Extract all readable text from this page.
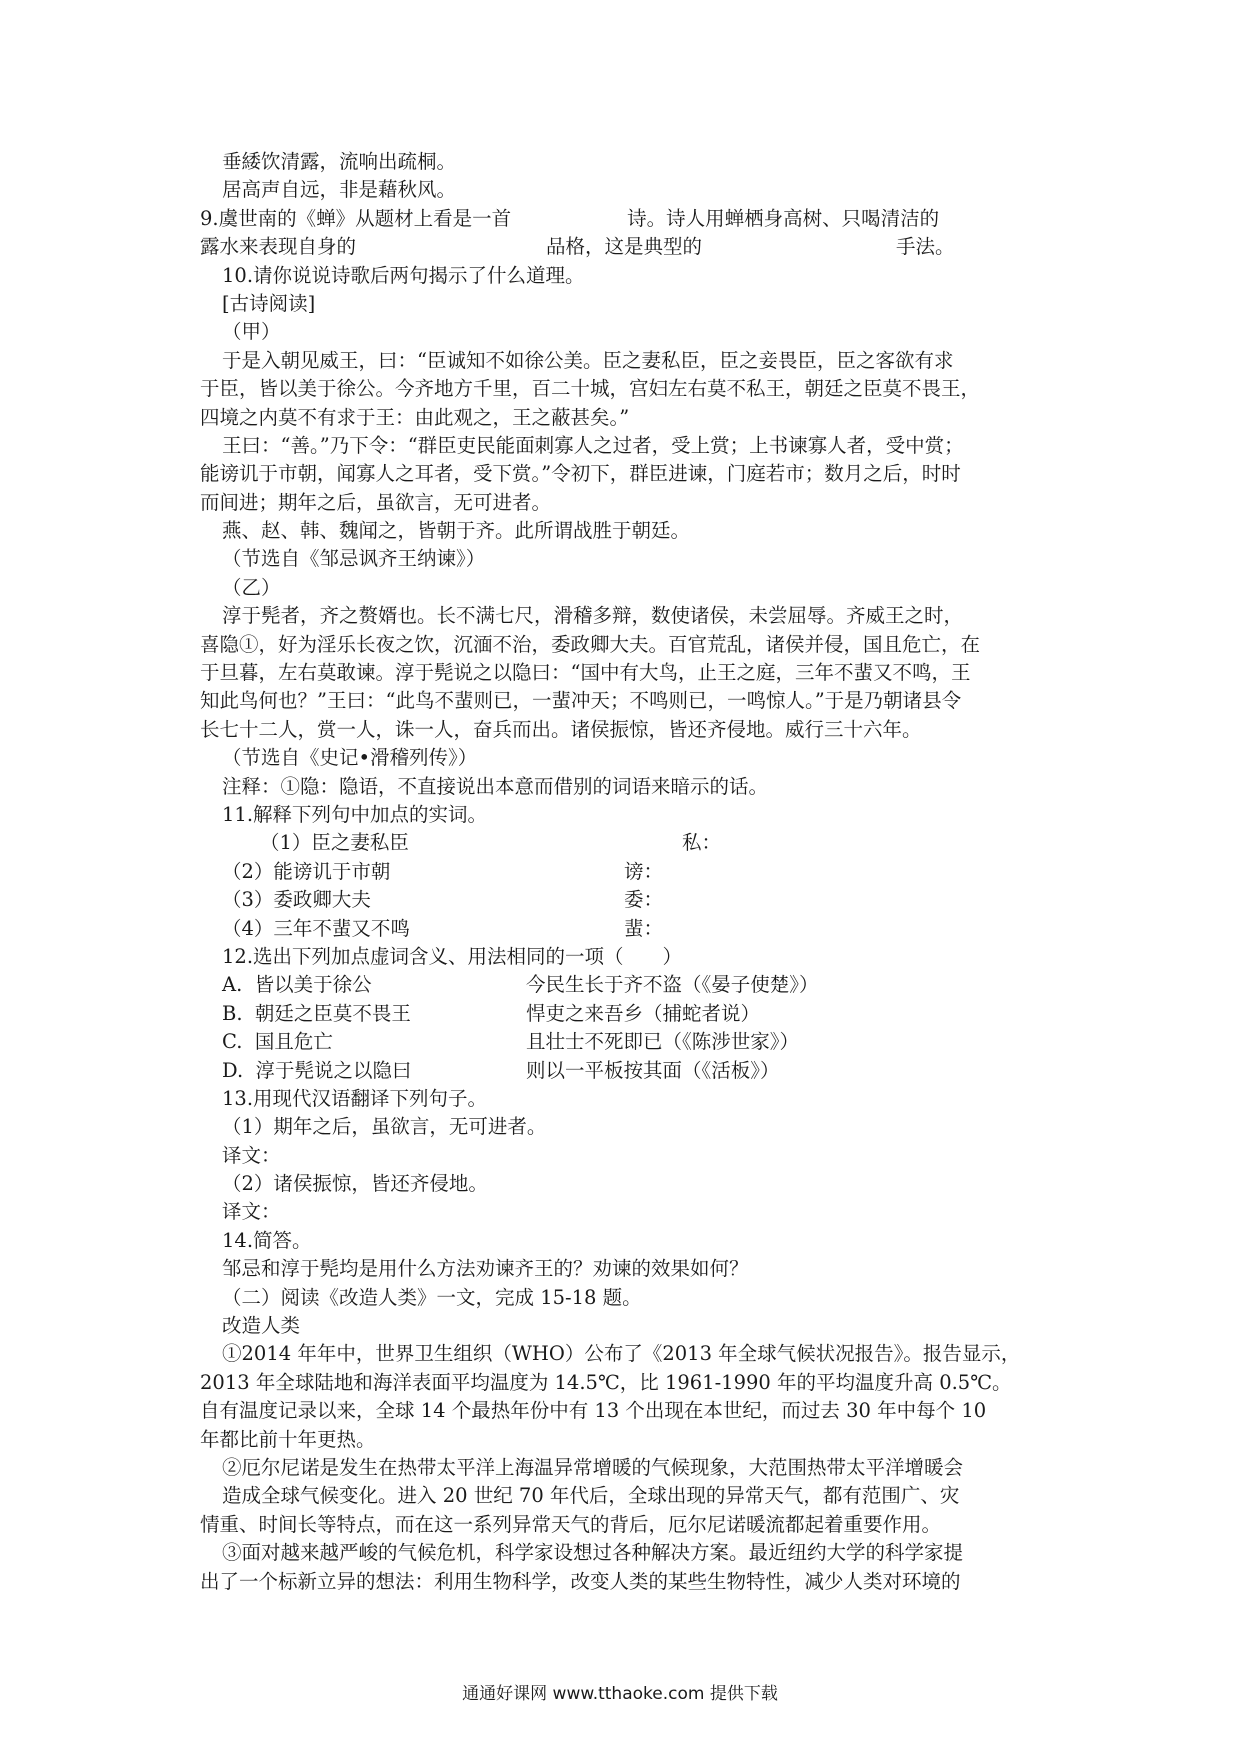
垂緌饮清露，流响出疏桐。
居高声自远，非是藉秋风。
9.虞世南的《蝉》从题材上看是一首	诗。诗人用蝉栖身高树、只喝清洁的
露水来表现自身的	品格，这是典型的	手法。
10.请你说说诗歌后两句揭示了什么道理。
[古诗阅读]
（甲）
于是入朝见威王，曰：“臣诚知不如徐公美。臣之妻私臣，臣之妾畏臣，臣之客欲有求
于臣，皆以美于徐公。今齐地方千里，百二十城，宫妇左右莫不私王，朝廷之臣莫不畏王，
四境之内莫不有求于王：由此观之，王之蔽甚矣。”
王曰：“善。”乃下令：“群臣吏民能面刺寡人之过者，受上赏；上书谏寡人者，受中赏；
能谤讥于市朝，闻寡人之耳者，受下赏。”令初下，群臣进谏，门庭若市；数月之后，时时
而间进；期年之后，虽欲言，无可进者。
燕、赵、韩、魏闻之，皆朝于齐。此所谓战胜于朝廷。
（节选自《邹忌讽齐王纳谏》）
（乙）
淳于髡者，齐之赘婿也。长不满七尺，滑稽多辩，数使诸侯，未尝屈辱。齐威王之时，
喜隐①，好为淫乐长夜之饮，沉湎不治，委政卿大夫。百官荒乱，诸侯并侵，国且危亡，在
于旦暮，左右莫敢谏。淳于髡说之以隐曰：“国中有大鸟，止王之庭，三年不蜚又不鸣，王
知此鸟何也？”王曰：“此鸟不蜚则已，一蜚冲天；不鸣则已，一鸣惊人。”于是乃朝诸县令
长七十二人，赏一人，诛一人，奋兵而出。诸侯振惊，皆还齐侵地。威行三十六年。
（节选自《史记•滑稽列传》）
注释：①隐：隐语，不直接说出本意而借别的词语来暗示的话。
11.解释下列句中加点的实词。
（1）臣之妻私臣	私：
（2）能谤讥于市朝	谤：
（3）委政卿大夫	委：
（4）三年不蜚又不鸣	蜚：
12.选出下列加点虚词含义、用法相同的一项（　　）
A.  皆以美于徐公	今民生长于齐不盗（《晏子使楚》）
B.  朝廷之臣莫不畏王	悍吏之来吾乡（捕蛇者说）
C.  国且危亡	且壮士不死即已（《陈涉世家》）
D.  淳于髡说之以隐曰	则以一平板按其面（《活板》）
13.用现代汉语翻译下列句子。
（1）期年之后，虽欲言，无可进者。
译文：
（2）诸侯振惊，皆还齐侵地。
译文：
14.简答。
邹忌和淳于髡均是用什么方法劝谏齐王的？劝谏的效果如何？
（二）阅读《改造人类》一文，完成 15-18 题。
改造人类
①2014 年年中，世界卫生组织（WHO）公布了《2013 年全球气候状况报告》。报告显示，
2013 年全球陆地和海洋表面平均温度为 14.5℃，比 1961-1990 年的平均温度升高 0.5℃。
自有温度记录以来，全球 14 个最热年份中有 13 个出现在本世纪，而过去 30 年中每个 10
年都比前十年更热。
②厄尔尼诺是发生在热带太平洋上海温异常增暖的气候现象，大范围热带太平洋增暖会
造成全球气候变化。进入 20 世纪 70 年代后，全球出现的异常天气，都有范围广、灾
情重、时间长等特点，而在这一系列异常天气的背后，厄尔尼诺暖流都起着重要作用。
③面对越来越严峻的气候危机，科学家设想过各种解决方案。最近纽约大学的科学家提
出了一个标新立异的想法：利用生物科学，改变人类的某些生物特性，减少人类对环境的
通通好课网 www.tthaoke.com 提供下载
